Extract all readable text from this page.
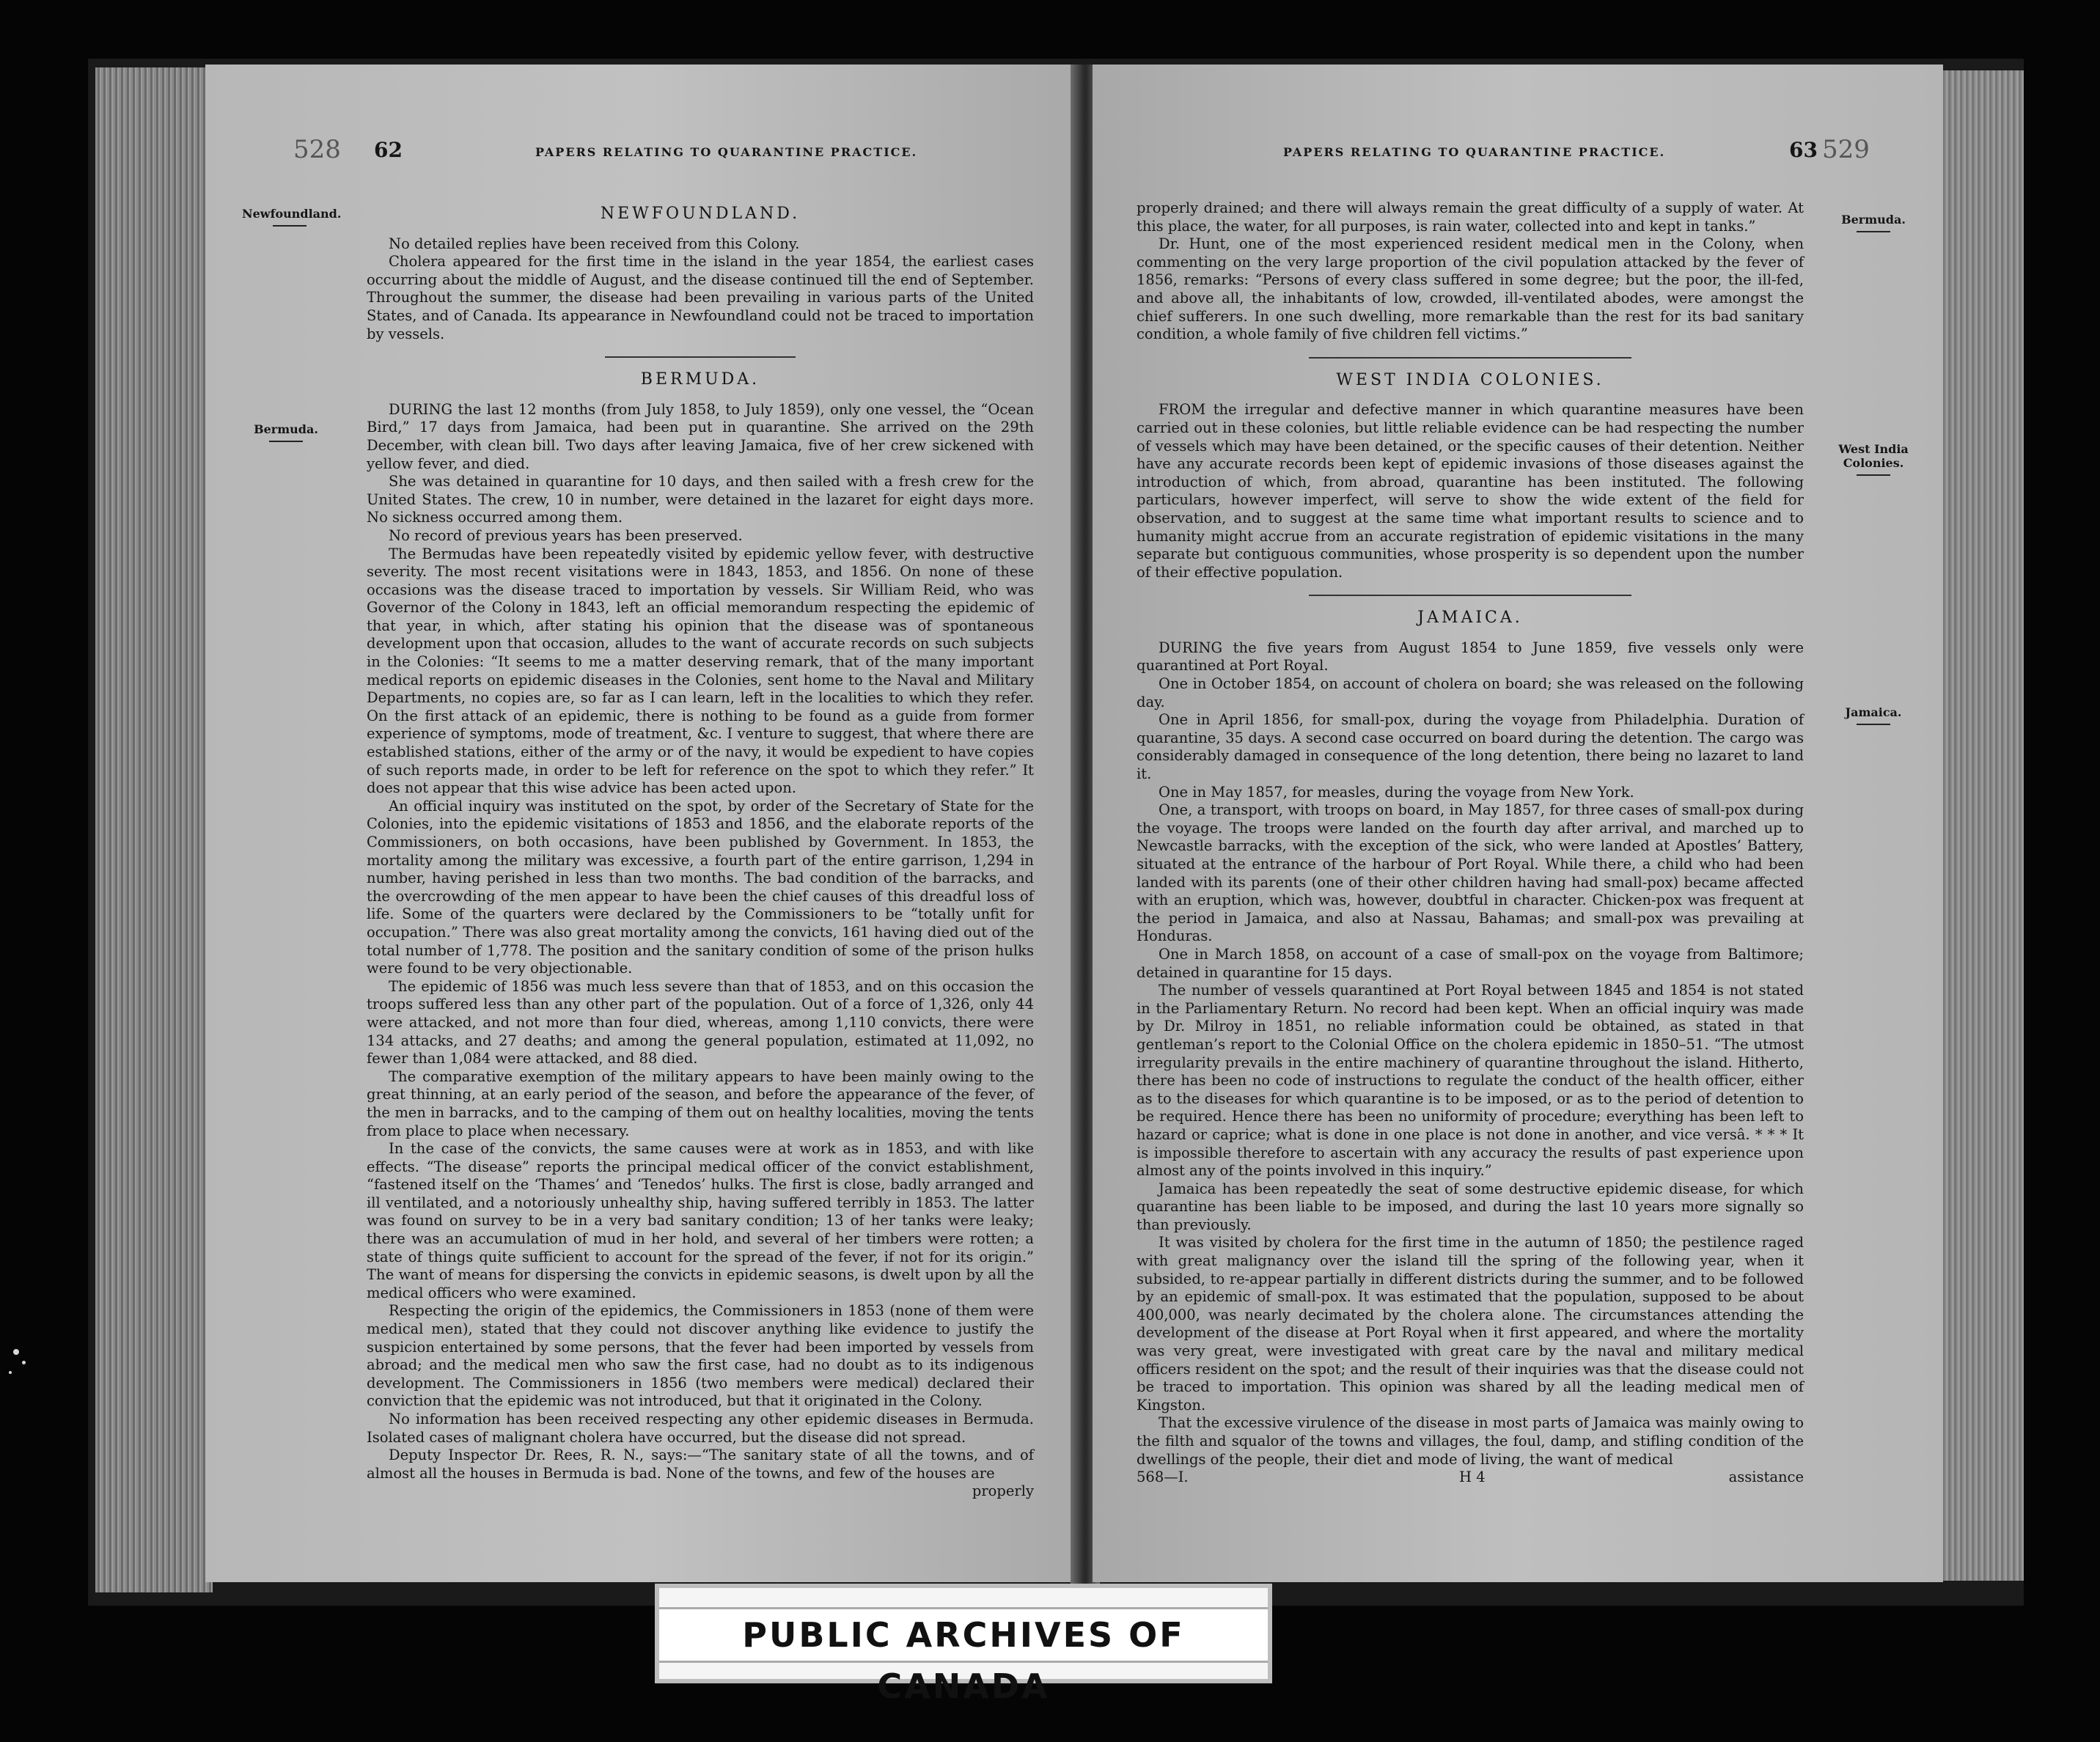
528 62	PAPERS RELATING TO QUARANTINE PRACTICE.
Newfoundland.
Bermuda.
NEWFOUNDLAND.

No detailed replies have been received from this Colony.

Cholera appeared for the first time in the island in the year 1854, the earliest cases occurring about the middle of August, and the disease continued till the end of September. Throughout the summer, the disease had been prevailing in various parts of the United States, and of Canada. Its appearance in Newfoundland could not be traced to importation by vessels.

BERMUDA.

DURING the last 12 months (from July 1858, to July 1859), only one vessel, the “Ocean Bird,” 17 days from Jamaica, had been put in quarantine. She arrived on the 29th December, with clean bill. Two days after leaving Jamaica, five of her crew sickened with yellow fever, and died.

She was detained in quarantine for 10 days, and then sailed with a fresh crew for the United States. The crew, 10 in number, were detained in the lazaret for eight days more. No sickness occurred among them.

No record of previous years has been preserved.

The Bermudas have been repeatedly visited by epidemic yellow fever, with destructive severity. The most recent visitations were in 1843, 1853, and 1856. On none of these occasions was the disease traced to importation by vessels. Sir William Reid, who was Governor of the Colony in 1843, left an official memorandum respecting the epidemic of that year, in which, after stating his opinion that the disease was of spontaneous development upon that occasion, alludes to the want of accurate records on such subjects in the Colonies: “It seems to me a matter deserving remark, that of the many important medical reports on epidemic diseases in the Colonies, sent home to the Naval and Military Departments, no copies are, so far as I can learn, left in the localities to which they refer. On the first attack of an epidemic, there is nothing to be found as a guide from former experience of symptoms, mode of treatment, &c. I venture to suggest, that where there are established stations, either of the army or of the navy, it would be expedient to have copies of such reports made, in order to be left for reference on the spot to which they refer.” It does not appear that this wise advice has been acted upon.

An official inquiry was instituted on the spot, by order of the Secretary of State for the Colonies, into the epidemic visitations of 1853 and 1856, and the elaborate reports of the Commissioners, on both occasions, have been published by Government. In 1853, the mortality among the military was excessive, a fourth part of the entire garrison, 1,294 in number, having perished in less than two months. The bad condition of the barracks, and the overcrowding of the men appear to have been the chief causes of this dreadful loss of life. Some of the quarters were declared by the Commissioners to be “totally unfit for occupation.” There was also great mortality among the convicts, 161 having died out of the total number of 1,778. The position and the sanitary condition of some of the prison hulks were found to be very objectionable.

The epidemic of 1856 was much less severe than that of 1853, and on this occasion the troops suffered less than any other part of the population. Out of a force of 1,326, only 44 were attacked, and not more than four died, whereas, among 1,110 convicts, there were 134 attacks, and 27 deaths; and among the general population, estimated at 11,092, no fewer than 1,084 were attacked, and 88 died.

The comparative exemption of the military appears to have been mainly owing to the great thinning, at an early period of the season, and before the appearance of the fever, of the men in barracks, and to the camping of them out on healthy localities, moving the tents from place to place when necessary.

In the case of the convicts, the same causes were at work as in 1853, and with like effects. “The disease” reports the principal medical officer of the convict establishment, “fastened itself on the ‘Thames’ and ‘Tenedos’ hulks. The first is close, badly arranged and ill ventilated, and a notoriously unhealthy ship, having suffered terribly in 1853. The latter was found on survey to be in a very bad sanitary condition; 13 of her tanks were leaky; there was an accumulation of mud in her hold, and several of her timbers were rotten; a state of things quite sufficient to account for the spread of the fever, if not for its origin.” The want of means for dispersing the convicts in epidemic seasons, is dwelt upon by all the medical officers who were examined.

Respecting the origin of the epidemics, the Commissioners in 1853 (none of them were medical men), stated that they could not discover anything like evidence to justify the suspicion entertained by some persons, that the fever had been imported by vessels from abroad; and the medical men who saw the first case, had no doubt as to its indigenous development. The Commissioners in 1856 (two members were medical) declared their conviction that the epidemic was not introduced, but that it originated in the Colony.

No information has been received respecting any other epidemic diseases in Bermuda. Isolated cases of malignant cholera have occurred, but the disease did not spread.

Deputy Inspector Dr. Rees, R. N., says:—“The sanitary state of all the towns, and of almost all the houses in Bermuda is bad. None of the towns, and few of the houses are

properly

PAPERS RELATING TO QUARANTINE PRACTICE.	63 529
Bermuda.
West India Colonies.
Jamaica.

properly drained; and there will always remain the great difficulty of a supply of water. At this place, the water, for all purposes, is rain water, collected into and kept in tanks.”

Dr. Hunt, one of the most experienced resident medical men in the Colony, when commenting on the very large proportion of the civil population attacked by the fever of 1856, remarks: “Persons of every class suffered in some degree; but the poor, the ill-fed, and above all, the inhabitants of low, crowded, ill-ventilated abodes, were amongst the chief sufferers. In one such dwelling, more remarkable than the rest for its bad sanitary condition, a whole family of five children fell victims.”

WEST INDIA COLONIES.

FROM the irregular and defective manner in which quarantine measures have been carried out in these colonies, but little reliable evidence can be had respecting the number of vessels which may have been detained, or the specific causes of their detention. Neither have any accurate records been kept of epidemic invasions of those diseases against the introduction of which, from abroad, quarantine has been instituted. The following particulars, however imperfect, will serve to show the wide extent of the field for observation, and to suggest at the same time what important results to science and to humanity might accrue from an accurate registration of epidemic visitations in the many separate but contiguous communities, whose prosperity is so dependent upon the number of their effective population.

JAMAICA.

DURING the five years from August 1854 to June 1859, five vessels only were quarantined at Port Royal.

One in October 1854, on account of cholera on board; she was released on the following day.

One in April 1856, for small-pox, during the voyage from Philadelphia. Duration of quarantine, 35 days. A second case occurred on board during the detention. The cargo was considerably damaged in consequence of the long detention, there being no lazaret to land it.

One in May 1857, for measles, during the voyage from New York.

One, a transport, with troops on board, in May 1857, for three cases of small-pox during the voyage. The troops were landed on the fourth day after arrival, and marched up to Newcastle barracks, with the exception of the sick, who were landed at Apostles’ Battery, situated at the entrance of the harbour of Port Royal. While there, a child who had been landed with its parents (one of their other children having had small-pox) became affected with an eruption, which was, however, doubtful in character. Chicken-pox was frequent at the period in Jamaica, and also at Nassau, Bahamas; and small-pox was prevailing at Honduras.

One in March 1858, on account of a case of small-pox on the voyage from Baltimore; detained in quarantine for 15 days.

The number of vessels quarantined at Port Royal between 1845 and 1854 is not stated in the Parliamentary Return. No record had been kept. When an official inquiry was made by Dr. Milroy in 1851, no reliable information could be obtained, as stated in that gentleman’s report to the Colonial Office on the cholera epidemic in 1850–51. “The utmost irregularity prevails in the entire machinery of quarantine throughout the island. Hitherto, there has been no code of instructions to regulate the conduct of the health officer, either as to the diseases for which quarantine is to be imposed, or as to the period of detention to be required. Hence there has been no uniformity of procedure; everything has been left to hazard or caprice; what is done in one place is not done in another, and vice versâ. * * * It is impossible therefore to ascertain with any accuracy the results of past experience upon almost any of the points involved in this inquiry.”

Jamaica has been repeatedly the seat of some destructive epidemic disease, for which quarantine has been liable to be imposed, and during the last 10 years more signally so than previously.

It was visited by cholera for the first time in the autumn of 1850; the pestilence raged with great malignancy over the island till the spring of the following year, when it subsided, to re-appear partially in different districts during the summer, and to be followed by an epidemic of small-pox. It was estimated that the population, supposed to be about 400,000, was nearly decimated by the cholera alone. The circumstances attending the development of the disease at Port Royal when it first appeared, and where the mortality was very great, were investigated with great care by the naval and military medical officers resident on the spot; and the result of their inquiries was that the disease could not be traced to importation. This opinion was shared by all the leading medical men of Kingston.

That the excessive virulence of the disease in most parts of Jamaica was mainly owing to the filth and squalor of the towns and villages, the foul, damp, and stifling condition of the dwellings of the people, their diet and mode of living, the want of medical

568—I.	H 4	assistance
PUBLIC ARCHIVES OF CANADA
